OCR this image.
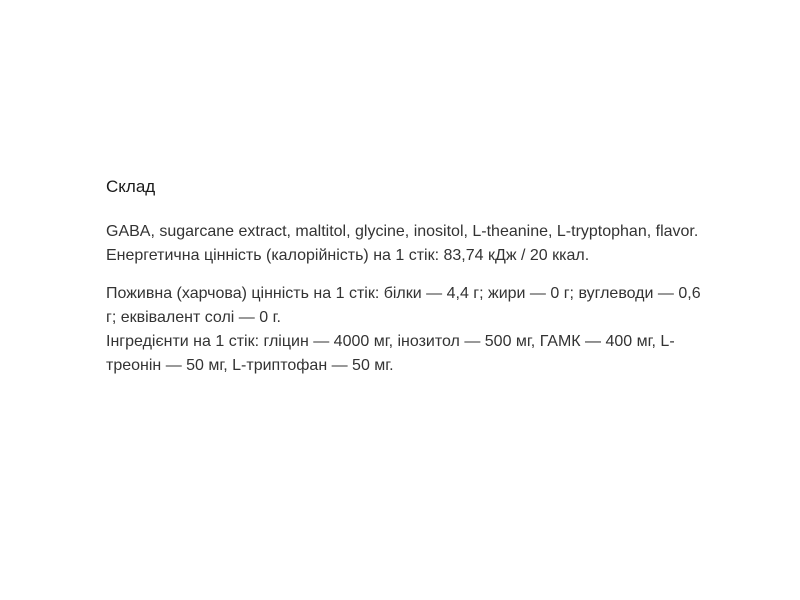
Склад

GABA, sugarcane extract, maltitol, glycine, inositol, L-theanine, L-tryptophan, flavor.

Енергетична цінність (калорійність) на 1 стік: 83,74 кДж / 20 ккал.

Поживна (харчова) цінність на 1 стік: білки — 4,4 г; жири — 0 г; вуглеводи — 0,6 г; еквівалент солі — 0 г.

Інгредієнти на 1 стік: гліцин — 4000 мг, інозитол — 500 мг, ГАМК — 400 мг, L-треонін — 50 мг, L-триптофан — 50 мг.
